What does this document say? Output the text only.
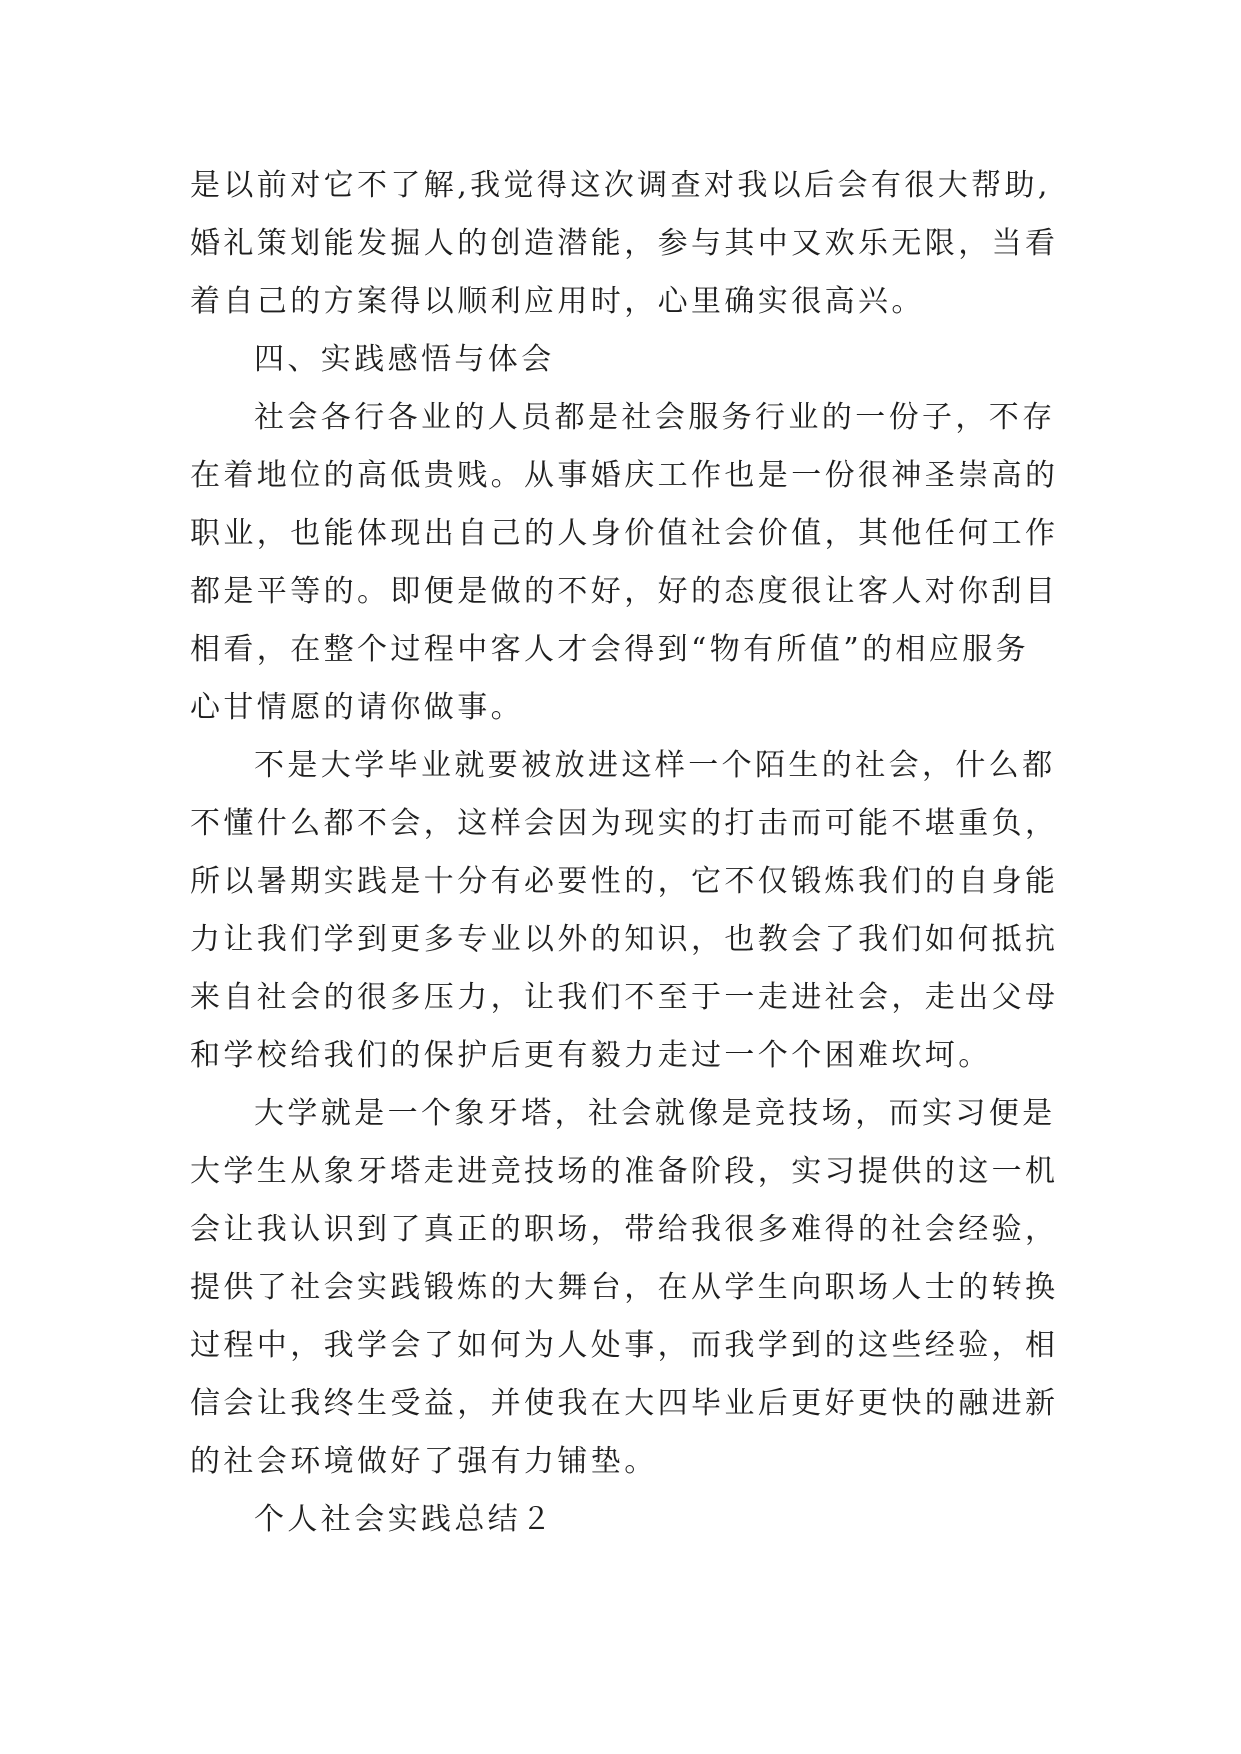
是以前对它不了解,我觉得这次调查对我以后会有很大帮助,
婚礼策划能发掘人的创造潜能，参与其中又欢乐无限，当看
着自己的方案得以顺利应用时，心里确实很高兴。
四、实践感悟与体会
社会各行各业的人员都是社会服务行业的一份子，不存
在着地位的高低贵贱。从事婚庆工作也是一份很神圣崇高的
职业，也能体现出自己的人身价值社会价值，其他任何工作
都是平等的。即便是做的不好，好的态度很让客人对你刮目
相看，在整个过程中客人才会得到“物有所值”的相应服务
心甘情愿的请你做事。
不是大学毕业就要被放进这样一个陌生的社会，什么都
不懂什么都不会，这样会因为现实的打击而可能不堪重负，
所以暑期实践是十分有必要性的，它不仅锻炼我们的自身能
力让我们学到更多专业以外的知识，也教会了我们如何抵抗
来自社会的很多压力，让我们不至于一走进社会，走出父母
和学校给我们的保护后更有毅力走过一个个困难坎坷。
大学就是一个象牙塔，社会就像是竞技场，而实习便是
大学生从象牙塔走进竞技场的准备阶段，实习提供的这一机
会让我认识到了真正的职场，带给我很多难得的社会经验，
提供了社会实践锻炼的大舞台，在从学生向职场人士的转换
过程中，我学会了如何为人处事，而我学到的这些经验，相
信会让我终生受益，并使我在大四毕业后更好更快的融进新
的社会环境做好了强有力铺垫。
个人社会实践总结２
